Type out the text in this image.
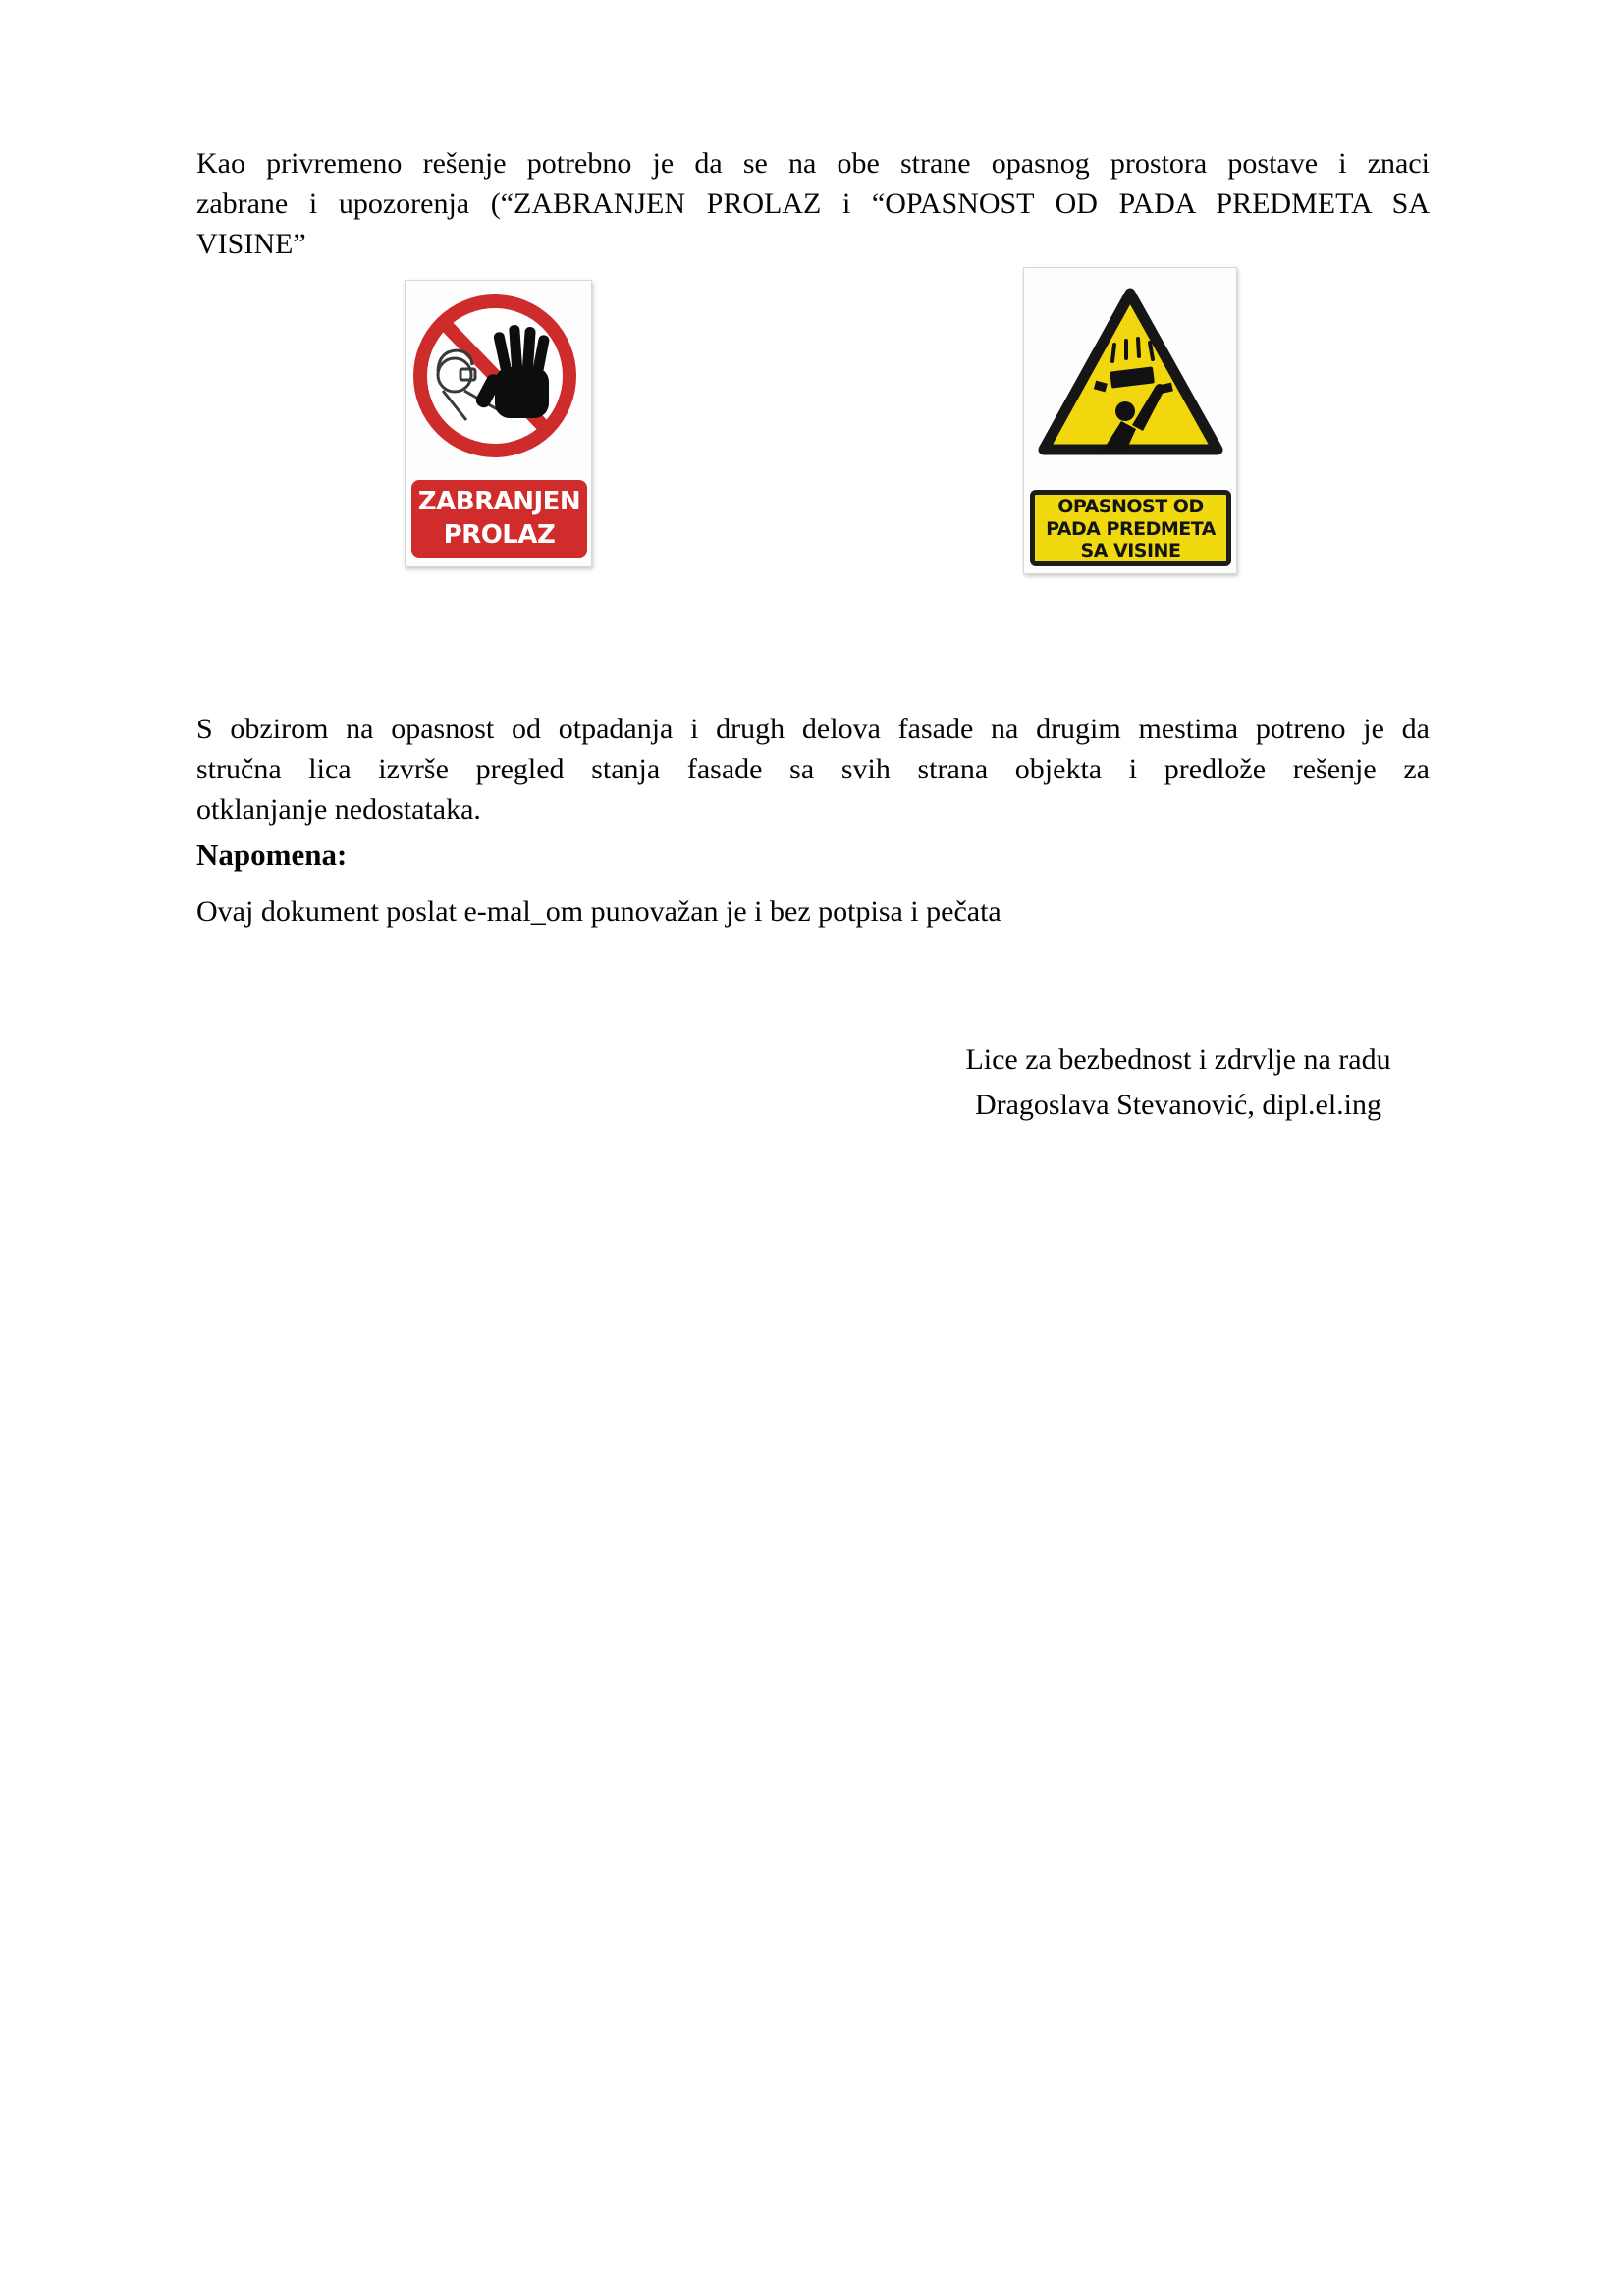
Kao privremeno rešenje potrebno je da se na obe strane opasnog prostora postave i znaci
zabrane i upozorenja (“ZABRANJEN PROLAZ i “OPASNOST OD PADA PREDMETA SA
VISINE”
ZABRANJEN
PROLAZ
OPASNOST OD
PADA PREDMETA
SA VISINE
S obzirom na opasnost od otpadanja i drugh delova fasade na drugim mestima potreno je da
stručna lica izvrše pregled stanja fasade sa svih strana objekta i predlože rešenje za
otklanjanje nedostataka.
Napomena:
Ovaj dokument poslat e-mal_om punovažan je i bez potpisa i pečata
Lice za bezbednost i zdrvlje na radu
Dragoslava Stevanović, dipl.el.ing
